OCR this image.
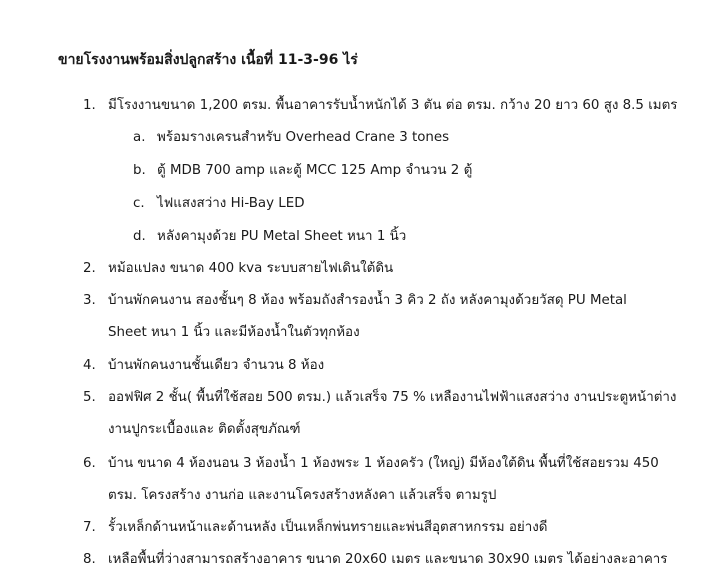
ขายโรงงานพร้อมสิ่งปลูกสร้าง เนื้อที่ 11-3-96 ไร่
1. มีโรงงานขนาด 1,200 ตรม. พื้นอาคารรับน้ำหนักได้ 3 ตัน ต่อ ตรม. กว้าง 20 ยาว 60 สูง 8.5 เมตร
a. พร้อมรางเครนสำหรับ Overhead Crane 3 tones
b. ตู้ MDB 700 amp และตู้ MCC 125 Amp จำนวน 2 ตู้
c. ไฟแสงสว่าง Hi-Bay LED
d. หลังคามุงด้วย PU Metal Sheet หนา 1 นิ้ว
2. หม้อแปลง ขนาด 400 kva ระบบสายไฟเดินใต้ดิน
3. บ้านพักคนงาน สองชั้นๆ 8 ห้อง พร้อมถังสำรองน้ำ 3 คิว 2 ถัง หลังคามุงด้วยวัสดุ PU Metal
Sheet หนา 1 นิ้ว และมีห้องน้ำในตัวทุกห้อง
4. บ้านพักคนงานชั้นเดียว จำนวน 8 ห้อง
5. ออฟฟิศ 2 ชั้น( พื้นที่ใช้สอย 500 ตรม.) แล้วเสร็จ 75 % เหลืองานไฟฟ้าแสงสว่าง งานประตูหน้าต่าง
งานปูกระเบื้องและ ติดตั้งสุขภัณฑ์
6. บ้าน ขนาด 4 ห้องนอน 3 ห้องน้ำ 1 ห้องพระ 1 ห้องครัว (ใหญ่) มีห้องใต้ดิน พื้นที่ใช้สอยรวม 450
ตรม. โครงสร้าง งานก่อ และงานโครงสร้างหลังคา แล้วเสร็จ ตามรูป
7. รั้วเหล็กด้านหน้าและด้านหลัง เป็นเหล็กพ่นทรายและพ่นสีอุตสาหกรรม อย่างดี
8. เหลือพื้นที่ว่างสามารถสร้างอาคาร ขนาด 20x60 เมตร และขนาด 30x90 เมตร ได้อย่างละอาคาร
